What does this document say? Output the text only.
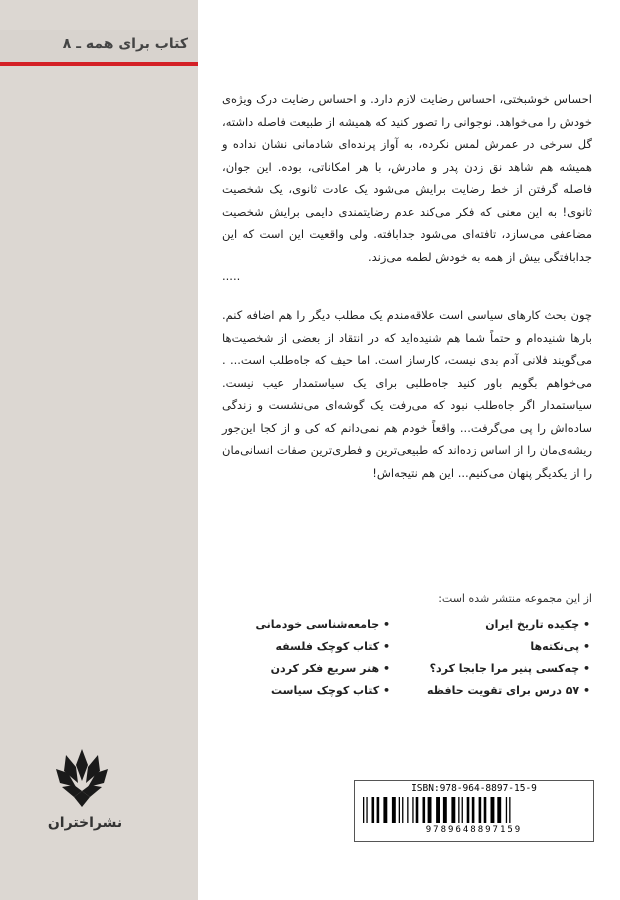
کتاب برای همه ـ ۸
نشراختران

احساس خوشبختی، احساس رضایت لازم دارد. و احساس رضایت درک ویژه‌ی خودش را می‌خواهد. نوجوانی را تصور کنید که همیشه از طبیعت فاصله داشته، گل سرخی در عمرش لمس نکرده، به آواز پرنده‌ای شادمانی نشان نداده و همیشه هم شاهد نق زدن پدر و مادرش، با هر امکاناتی، بوده. این جوان، فاصله گرفتن از خط رضایت برایش می‌شود یک عادت ثانوی، یک شخصیت ثانوی! به این معنی که فکر می‌کند عدم رضایتمندی دایمی برایش شخصیت مضاعفی می‌سازد، تافته‌ای می‌شود جدابافته. ولی واقعیت این است که این جدابافتگی بیش از همه به خودش لطمه می‌زند.

.....

چون بحث کارهای سیاسی است علاقه‌مندم یک مطلب دیگر را هم اضافه کنم. بارها شنیده‌ام و حتماً شما هم شنیده‌اید که در انتقاد از بعضی از شخصیت‌ها می‌گویند فلانی آدم بدی نیست، کارساز است. اما حیف که جاه‌طلب است... . می‌خواهم بگویم باور کنید جاه‌طلبی برای یک سیاستمدار عیب نیست. سیاستمدار اگر جاه‌طلب نبود که می‌رفت یک گوشه‌ای می‌نشست و زندگی ساده‌اش را پی می‌گرفت... واقعاً خودم هم نمی‌دانم که کی و از کجا این‌جور ریشه‌ی‌مان را از اساس زده‌اند که طبیعی‌ترین و فطری‌ترین صفات انسانی‌مان را از یکدیگر پنهان می‌کنیم... این هم نتیجه‌اش!

از این مجموعه منتشر شده است:
• چکیده تاریخ ایران
• جامعه‌شناسی خودمانی
• پی‌نکته‌ها
• کتاب کوچک فلسفه
• چه‌کسی پنیر مرا جابجا کرد؟
• هنر سریع فکر کردن
• ۵۷ درس برای تقویت حافظه
• کتاب کوچک سیاست
ISBN:978-964-8897-15-9
9789648897159
